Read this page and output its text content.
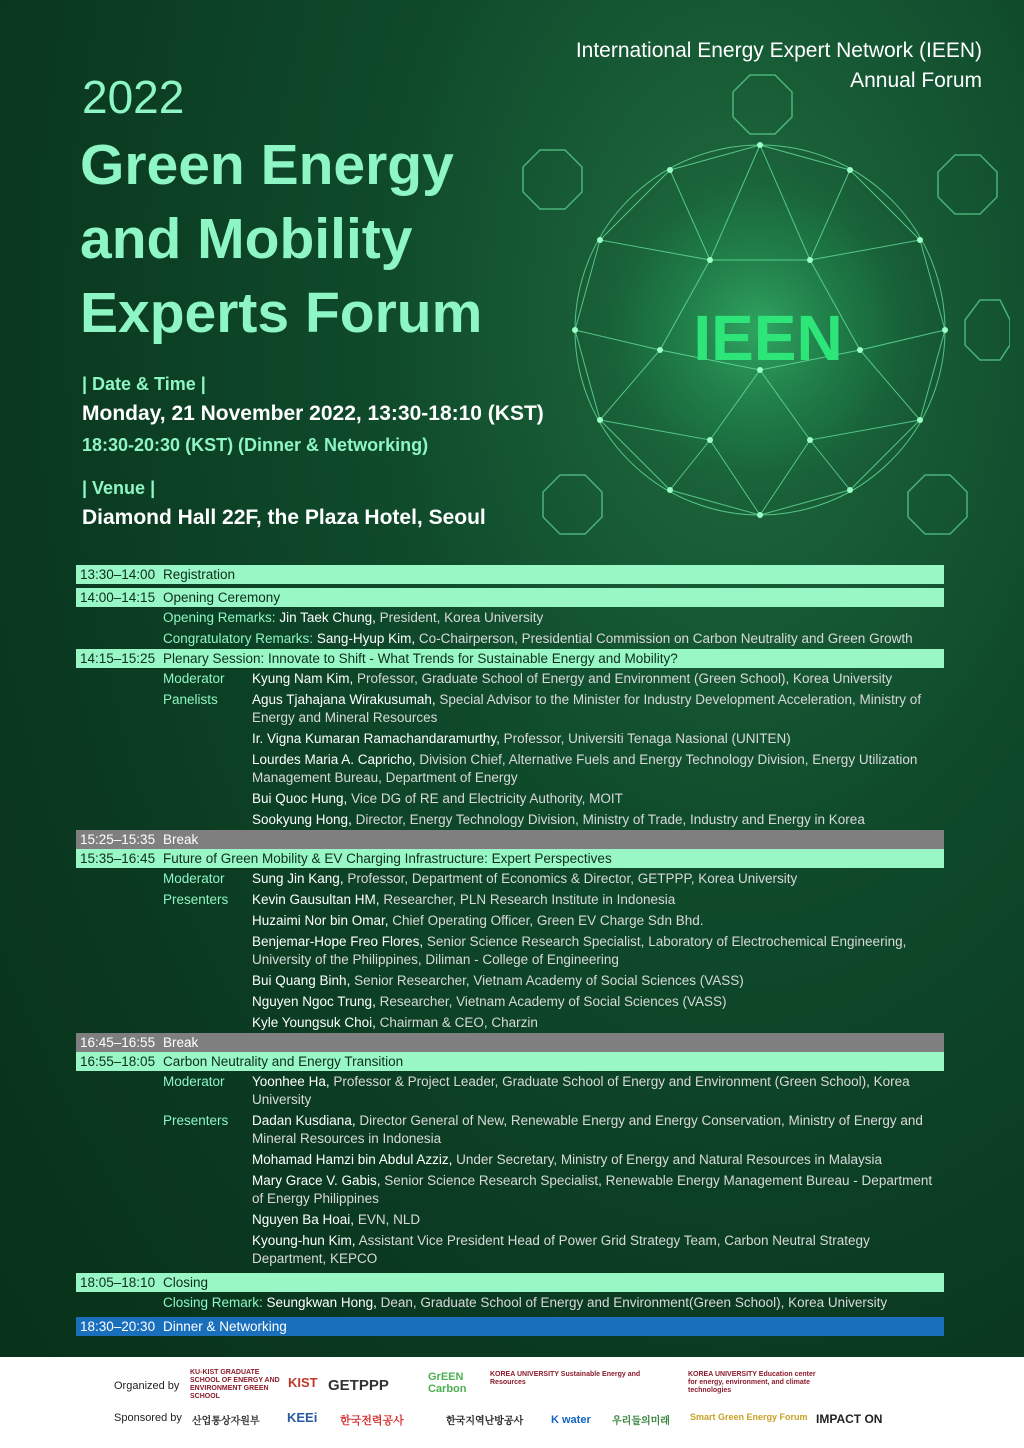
International Energy Expert Network (IEEN)
Annual Forum
2022
Green Energy
and Mobility
Experts Forum	IEEN
| Date & Time |
Monday, 21 November 2022, 13:30-18:10 (KST)
18:30-20:30 (KST) (Dinner & Networking)
| Venue |
Diamond Hall 22F, the Plaza Hotel, Seoul
13:30–14:00 Registration
14:00–14:15 Opening Ceremony
Opening Remarks: Jin Taek Chung, President, Korea University
Congratulatory Remarks: Sang-Hyup Kim, Co-Chairperson, Presidential Commission on Carbon Neutrality and Green Growth
14:15–15:25 Plenary Session: Innovate to Shift - What Trends for Sustainable Energy and Mobility?
Moderator	Kyung Nam Kim, Professor, Graduate School of Energy and Environment (Green School), Korea University
Panelists	Agus Tjahajana Wirakusumah, Special Advisor to the Minister for Industry Development Acceleration, Ministry of Energy and Mineral Resources
Ir. Vigna Kumaran Ramachandaramurthy, Professor, Universiti Tenaga Nasional (UNITEN)
Lourdes Maria A. Capricho, Division Chief, Alternative Fuels and Energy Technology Division, Energy Utilization Management Bureau, Department of Energy
Bui Quoc Hung, Vice DG of RE and Electricity Authority, MOIT
Sookyung Hong, Director, Energy Technology Division, Ministry of Trade, Industry and Energy in Korea
15:25–15:35 Break
15:35–16:45 Future of Green Mobility & EV Charging Infrastructure: Expert Perspectives
Moderator	Sung Jin Kang, Professor, Department of Economics & Director, GETPPP, Korea University
Presenters	Kevin Gausultan HM, Researcher, PLN Research Institute in Indonesia
Huzaimi Nor bin Omar, Chief Operating Officer, Green EV Charge Sdn Bhd.
Benjemar-Hope Freo Flores, Senior Science Research Specialist, Laboratory of Electrochemical Engineering, University of the Philippines, Diliman - College of Engineering
Bui Quang Binh, Senior Researcher, Vietnam Academy of Social Sciences (VASS)
Nguyen Ngoc Trung, Researcher, Vietnam Academy of Social Sciences (VASS)
Kyle Youngsuk Choi, Chairman & CEO, Charzin
16:45–16:55 Break
16:55–18:05 Carbon Neutrality and Energy Transition
Moderator	Yoonhee Ha, Professor & Project Leader, Graduate School of Energy and Environment (Green School), Korea University
Presenters	Dadan Kusdiana, Director General of New, Renewable Energy and Energy Conservation, Ministry of Energy and Mineral Resources in Indonesia
Mohamad Hamzi bin Abdul Azziz, Under Secretary, Ministry of Energy and Natural Resources in Malaysia
Mary Grace V. Gabis, Senior Science Research Specialist, Renewable Energy Management Bureau - Department of Energy Philippines
Nguyen Ba Hoai, EVN, NLD
Kyoung-hun Kim, Assistant Vice President Head of Power Grid Strategy Team, Carbon Neutral Strategy Department, KEPCO
18:05–18:10 Closing
Closing Remark: Seungkwan Hong, Dean, Graduate School of Energy and Environment(Green School), Korea University
18:30–20:30 Dinner & Networking
Organized by
Sponsored by
KU-KIST GRADUATE SCHOOL OF ENERGY AND ENVIRONMENT GREEN SCHOOL
KIST GETPPP	GrEEN Carbon
KOREA UNIVERSITY Sustainable Energy and Resources
KOREA UNIVERSITY Education center for energy, environment, and climate technologies
산업통상자원부 KEEi 한국전력공사	한국지역난방공사	K water 우리들의미래 Smart Green Energy Forum IMPACT ON
